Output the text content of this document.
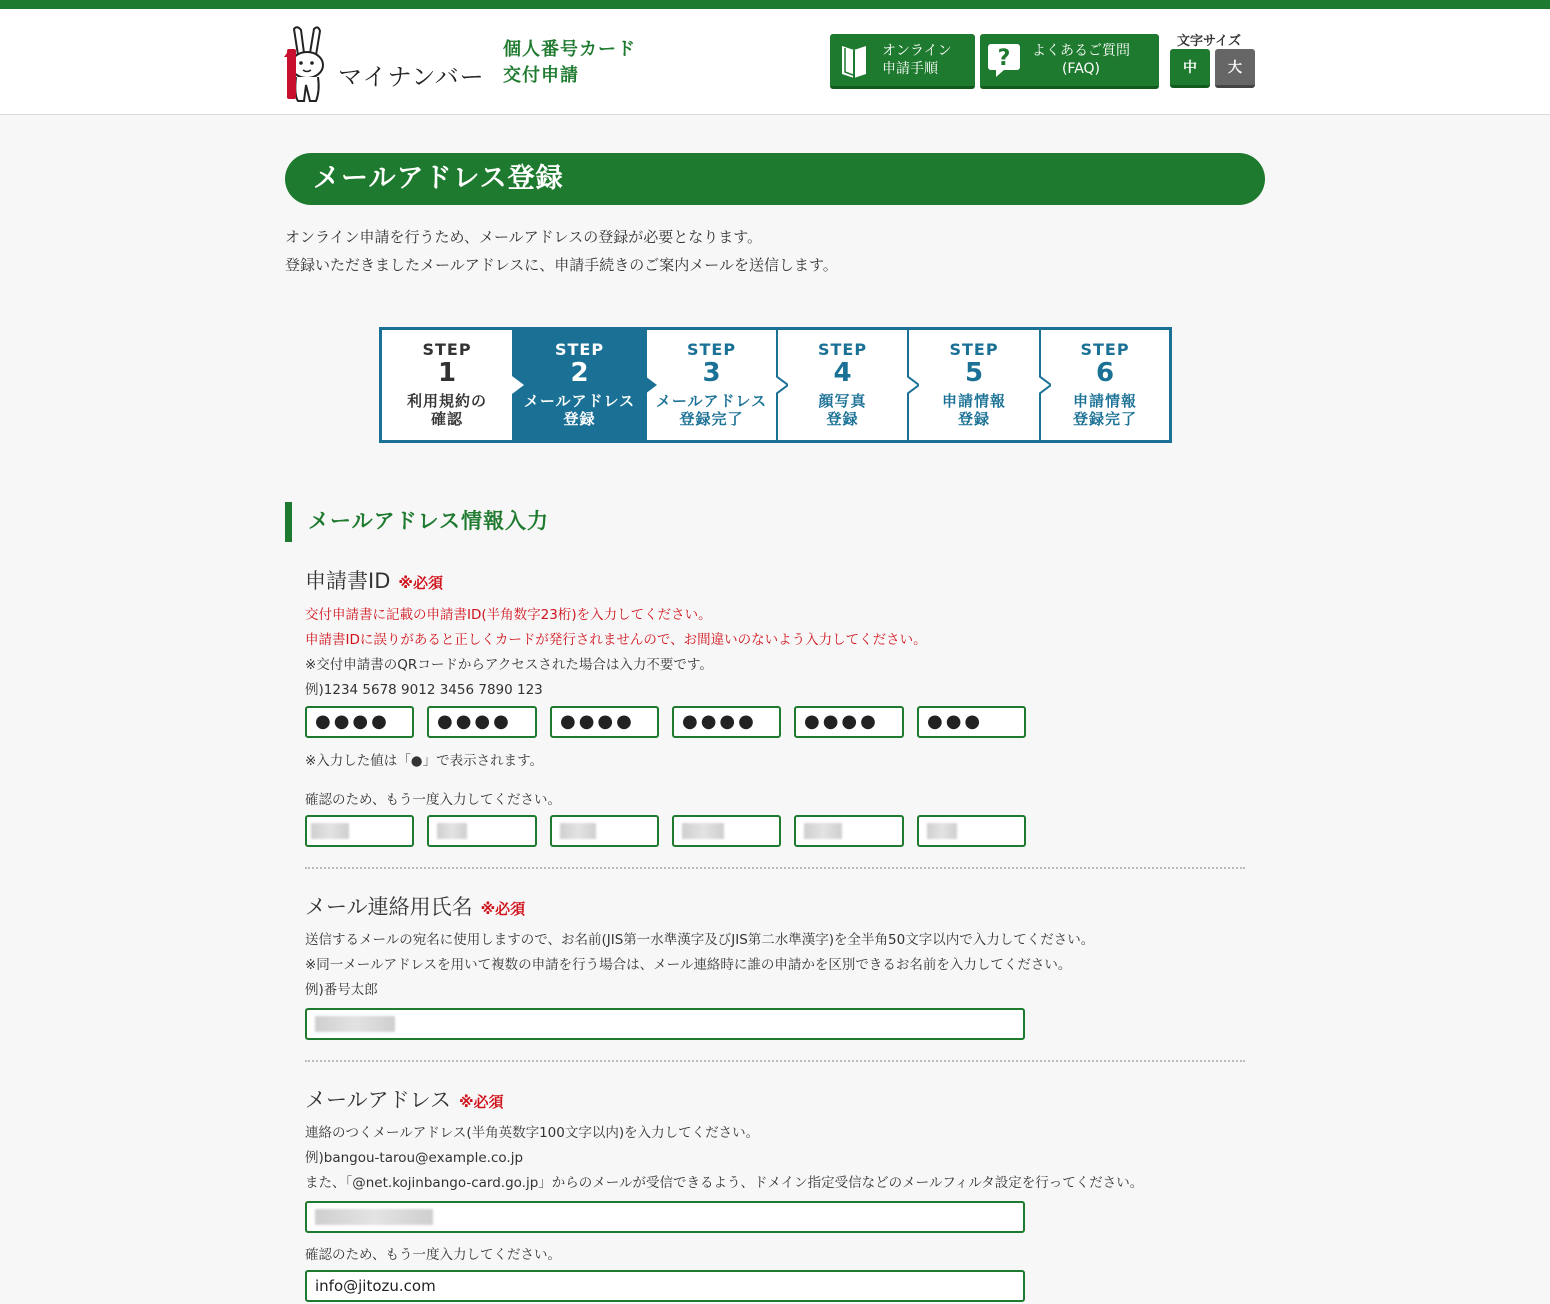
マイナンバー
個人番号カード
交付申請
オンライン
申請手順	? よくあるご質問
(FAQ)
文字サイズ
中	大
メールアドレス登録
オンライン申請を行うため、メールアドレスの登録が必要となります。
登録いただきましたメールアドレスに、申請手続きのご案内メールを送信します。
STEP
1
利用規約の
確認
STEP
2
メールアドレス
登録
STEP
3
メールアドレス
登録完了
STEP
4
顔写真
登録
STEP
5
申請情報
登録
STEP
6
申請情報
登録完了
メールアドレス情報入力
申請書ID ※必須
交付申請書に記載の申請書ID(半角数字23桁)を入力してください。
申請書IDに誤りがあると正しくカードが発行されませんので、お間違いのないよう入力してください。
※交付申請書のQRコードからアクセスされた場合は入力不要です。
例)1234 5678 9012 3456 7890 123
●●●●	●●●●	●●●●	●●●●	●●●●	●●●
※入力した値は「●」で表示されます。
確認のため、もう一度入力してください。
メール連絡用氏名 ※必須
送信するメールの宛名に使用しますので、お名前(JIS第一水準漢字及びJIS第二水準漢字)を全半角50文字以内で入力してください。
※同一メールアドレスを用いて複数の申請を行う場合は、メール連絡時に誰の申請かを区別できるお名前を入力してください。
例)番号太郎
メールアドレス ※必須
連絡のつくメールアドレス(半角英数字100文字以内)を入力してください。
例)bangou-tarou@example.co.jp
また、「@net.kojinbango-card.go.jp」からのメールが受信できるよう、ドメイン指定受信などのメールフィルタ設定を行ってください。
確認のため、もう一度入力してください。
info@jitozu.com
